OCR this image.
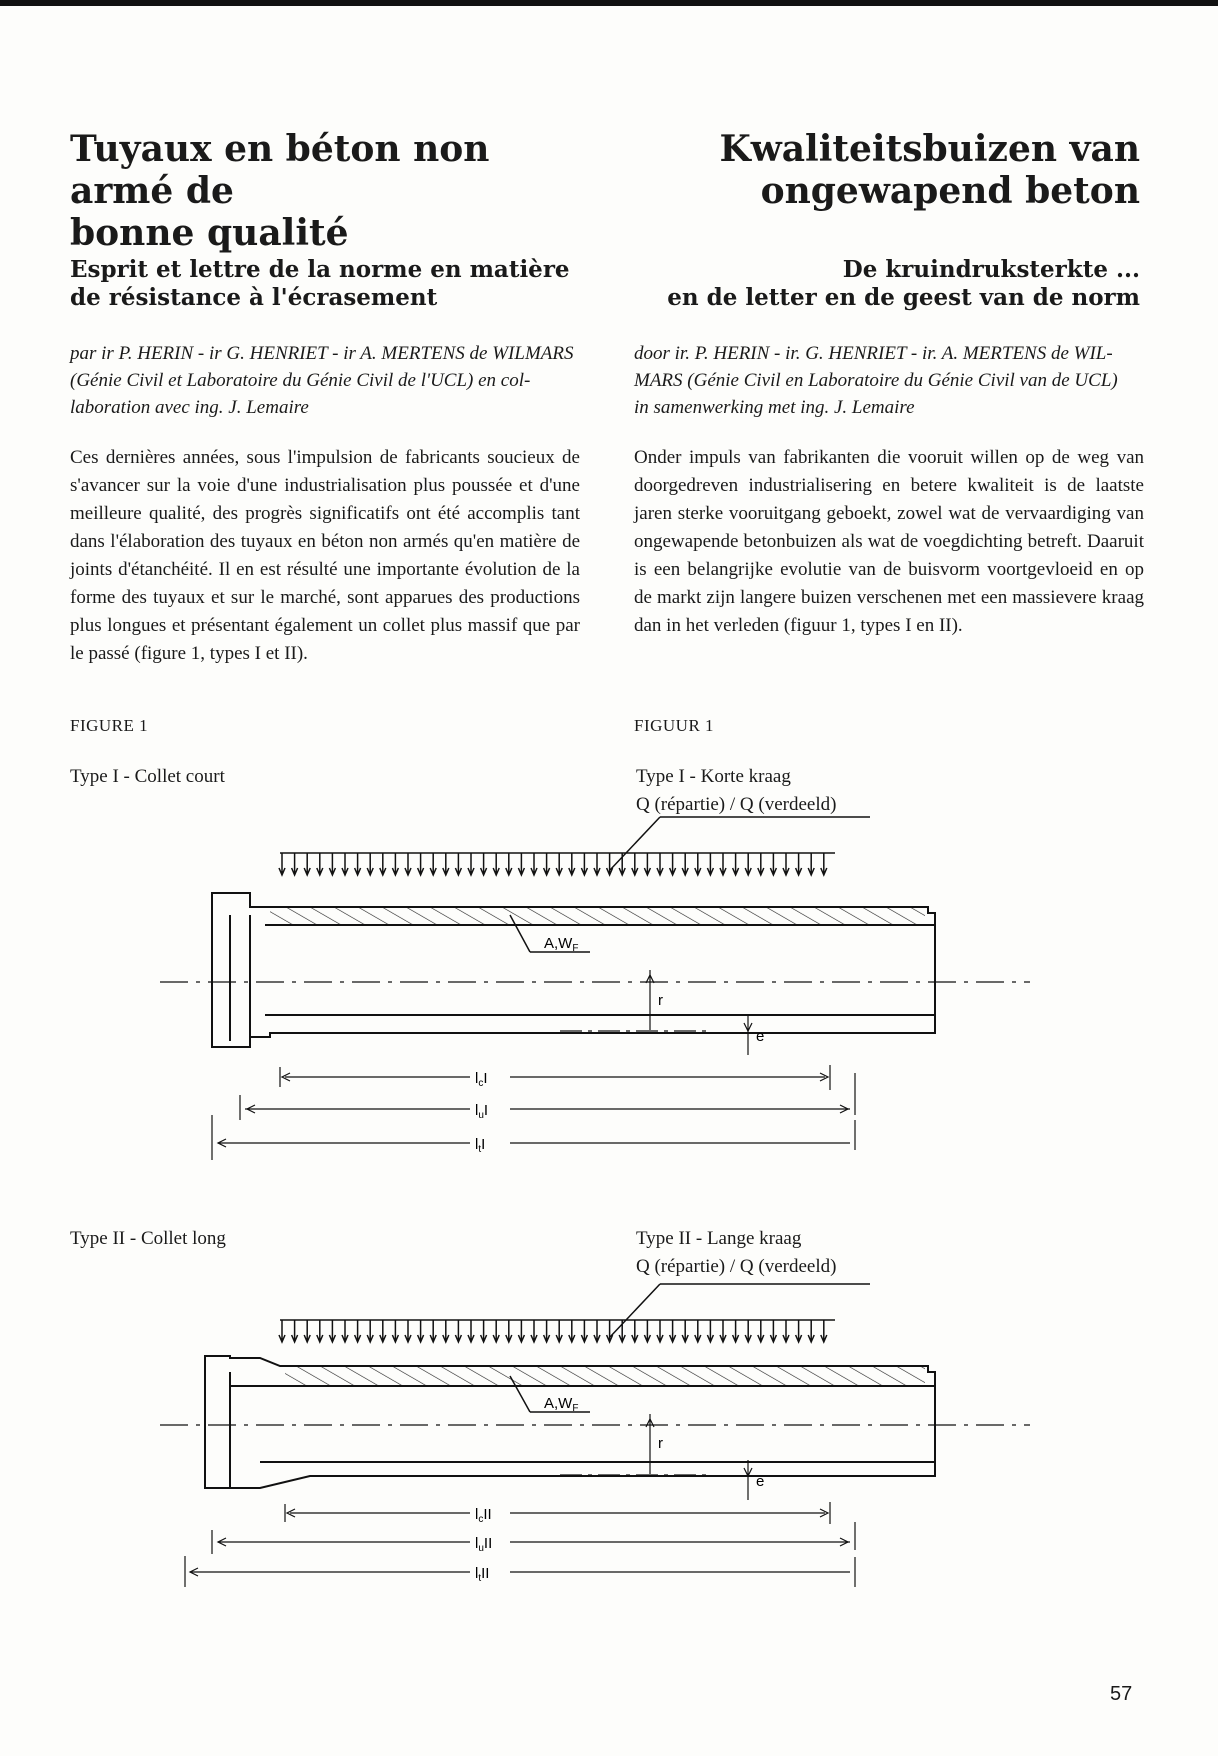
Tuyaux en béton non armé de
bonne qualité
Kwaliteitsbuizen van
ongewapend beton
Esprit et lettre de la norme en matière
de résistance à l'écrasement
De kruindruksterkte ...
en de letter en de geest van de norm
par ir P. HERIN - ir G. HENRIET - ir A. MERTENS de WILMARS
(Génie Civil et Laboratoire du Génie Civil de l'UCL) en col-
laboration avec ing. J. Lemaire
door ir. P. HERIN - ir. G. HENRIET - ir. A. MERTENS de WIL-
MARS (Génie Civil en Laboratoire du Génie Civil van de UCL)
in samenwerking met ing. J. Lemaire

Ces dernières années, sous l'impulsion de fabricants soucieux de s'avancer sur la voie d'une industrialisation plus poussée et d'une meilleure qualité, des progrès significatifs ont été accomplis tant dans l'élaboration des tuyaux en béton non armés qu'en matière de joints d'étanchéité. Il en est résulté une importante évolution de la forme des tuyaux et sur le marché, sont apparues des productions plus longues et présentant également un collet plus massif que par le passé (figure 1, types I et II).

Onder impuls van fabrikanten die vooruit willen op de weg van doorgedreven industrialisering en betere kwaliteit is de laatste jaren sterke vooruitgang geboekt, zowel wat de vervaardiging van ongewapende betonbuizen als wat de voegdichting betreft. Daaruit is een belangrijke evolutie van de buisvorm voortgevloeid en op de markt zijn langere buizen verschenen met een massievere kraag dan in het verleden (figuur 1, types I en II).

FIGURE 1	FIGUUR 1
Type I - Collet court	Type I - Korte kraag
Q (répartie) / Q (verdeeld)
$A,W_F$
r
e
$l_cI$
$l_uI$
$l_tI$
Type II - Collet long	Type II - Lange kraag
Q (répartie) / Q (verdeeld)
$A,W_F$
r
e
$l_cII$
$l_uII$
$l_tII$
57
